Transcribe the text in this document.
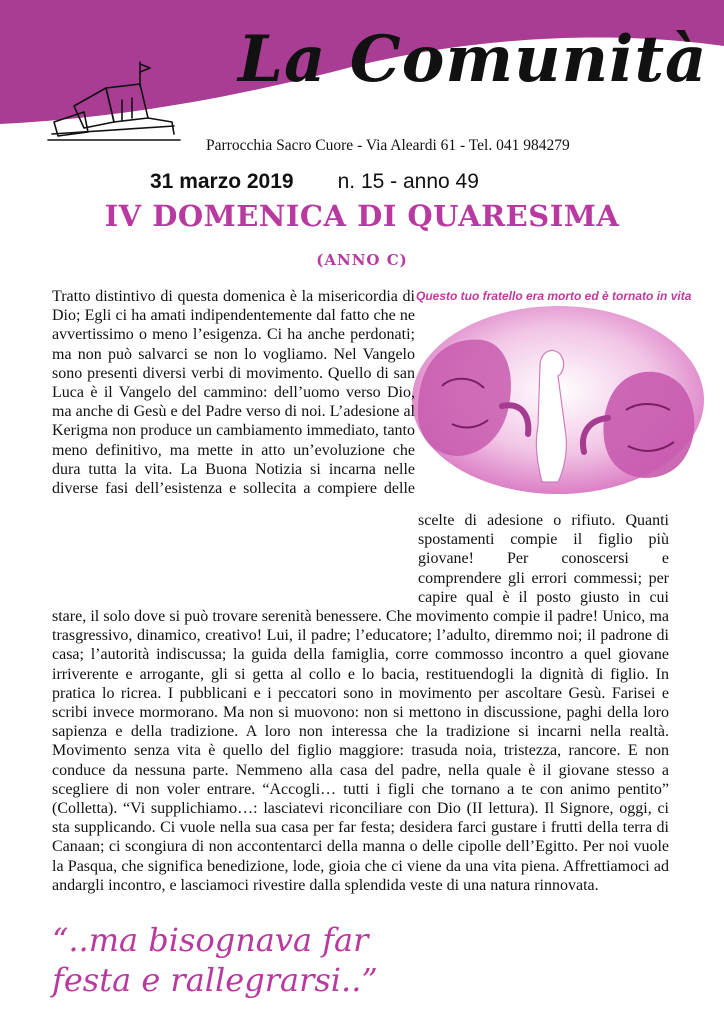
La Comunità
Parrocchia Sacro Cuore - Via Aleardi 61 - Tel. 041 984279
31 marzo 2019 n. 15 - anno 49
IV DOMENICA DI QUARESIMA
(ANNO C)
Questo tuo fratello era morto ed è tornato in vita
Tratto distintivo di questa domenica è la misericordia di Dio; Egli ci ha amati indipendentemente dal fatto che ne avvertissimo o meno l’esigenza. Ci ha anche perdonati; ma non può salvarci se non lo vogliamo. Nel Vangelo sono presenti diversi verbi di movimento. Quello di san Luca è il Vangelo del cammino: dell’uomo verso Dio, ma anche di Gesù e del Padre verso di noi. L’adesione al Kerigma non produce un cambiamento immediato, tanto meno definitivo, ma mette in atto un’evoluzione che dura tutta la vita. La Buona Notizia si incarna nelle diverse fasi dell’esistenza e sollecita a compiere delle scelte di adesione o rifiuto. Quanti spostamenti compie il figlio più giovane! Per conoscersi e comprendere gli errori commessi; per capire qual è il posto giusto in cui stare, il solo dove si può trovare serenità benessere. Che movimento compie il padre! Unico, ma trasgressivo, dinamico, creativo! Lui, il padre; l’educatore; l’adulto, diremmo noi; il padrone di casa; l’autorità indiscussa; la guida della famiglia, corre commosso incontro a quel giovane irriverente e arrogante, gli si getta al collo e lo bacia, restituendogli la dignità di figlio. In pratica lo ricrea. I pubblicani e i peccatori sono in movimento per ascoltare Gesù. Farisei e scribi invece mormorano. Ma non si muovono: non si mettono in discussione, paghi della loro sapienza e della tradizione. A loro non interessa che la tradizione si incarni nella realtà. Movimento senza vita è quello del figlio maggiore: trasuda noia, tristezza, rancore. E non conduce da nessuna parte. Nemmeno alla casa del padre, nella quale è il giovane stesso a scegliere di non voler entrare. “Accogli… tutti i figli che tornano a te con animo pentito” (Colletta). “Vi supplichiamo…: lasciatevi riconciliare con Dio (II lettura). Il Signore, oggi, ci sta supplicando. Ci vuole nella sua casa per far festa; desidera farci gustare i frutti della terra di Canaan; ci scongiura di non accontentarci della manna o delle cipolle dell’Egitto. Per noi vuole la Pasqua, che significa benedizione, lode, gioia che ci viene da una vita piena. Affrettiamoci ad andargli incontro, e lasciamoci rivestire dalla splendida veste di una natura rinnovata.
“..ma bisognava far festa e rallegrarsi..”
